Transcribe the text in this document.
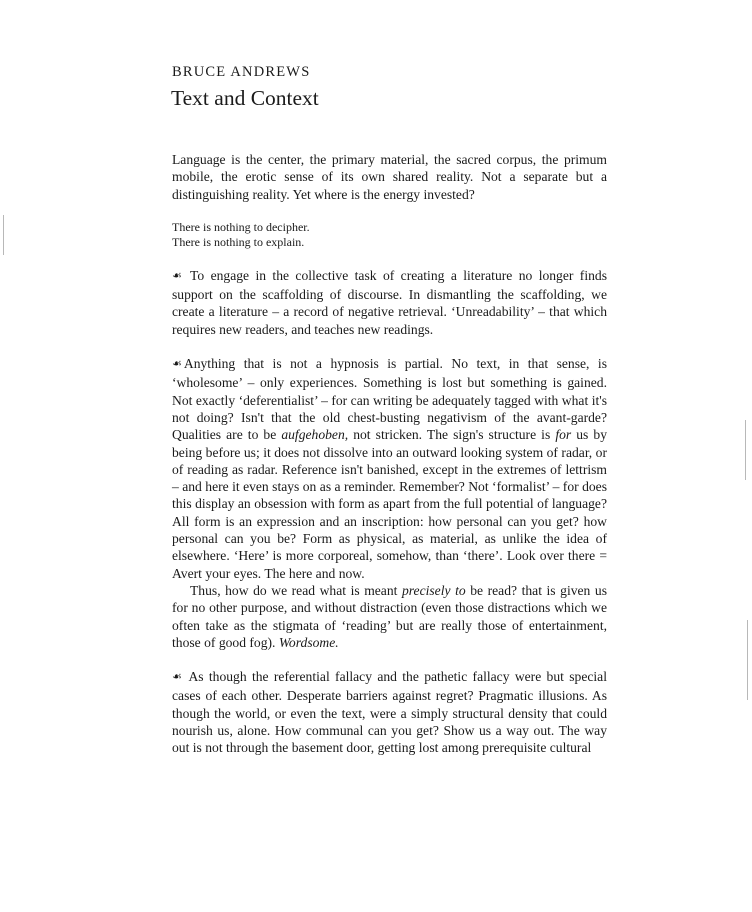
BRUCE ANDREWS
Text and Context

Language is the center, the primary material, the sacred corpus, the primum mobile, the erotic sense of its own shared reality. Not a separate but a distinguishing reality. Yet where is the energy invested?

There is nothing to decipher.

There is nothing to explain.

☙ To engage in the collective task of creating a literature no longer finds support on the scaffolding of discourse. In dismantling the scaffolding, we create a literature – a record of negative retrieval. ‘Unreadability’ – that which requires new readers, and teaches new readings.

☙ Anything that is not a hypnosis is partial. No text, in that sense, is ‘wholesome’ – only experiences. Something is lost but something is gained. Not exactly ‘deferentialist’ – for can writing be adequately tagged with what it's not doing? Isn't that the old chest-busting negativism of the avant-garde? Qualities are to be aufgehoben, not stricken. The sign's structure is for us by being before us; it does not dissolve into an outward looking system of radar, or of reading as radar. Reference isn't banished, except in the extremes of lettrism – and here it even stays on as a reminder. Remember? Not ‘formalist’ – for does this display an obsession with form as apart from the full potential of language? All form is an expression and an inscription: how personal can you get? how personal can you be? Form as physical, as material, as unlike the idea of elsewhere. ‘Here’ is more corporeal, somehow, than ‘there’. Look over there = Avert your eyes. The here and now.

Thus, how do we read what is meant precisely to be read? that is given us for no other purpose, and without distraction (even those distractions which we often take as the stigmata of ‘reading’ but are really those of entertainment, those of good fog). Wordsome.

☙ As though the referential fallacy and the pathetic fallacy were but special cases of each other. Desperate barriers against regret? Pragmatic illusions. As though the world, or even the text, were a simply structural density that could nourish us, alone. How communal can you get? Show us a way out. The way out is not through the basement door, getting lost among prerequisite cultural
